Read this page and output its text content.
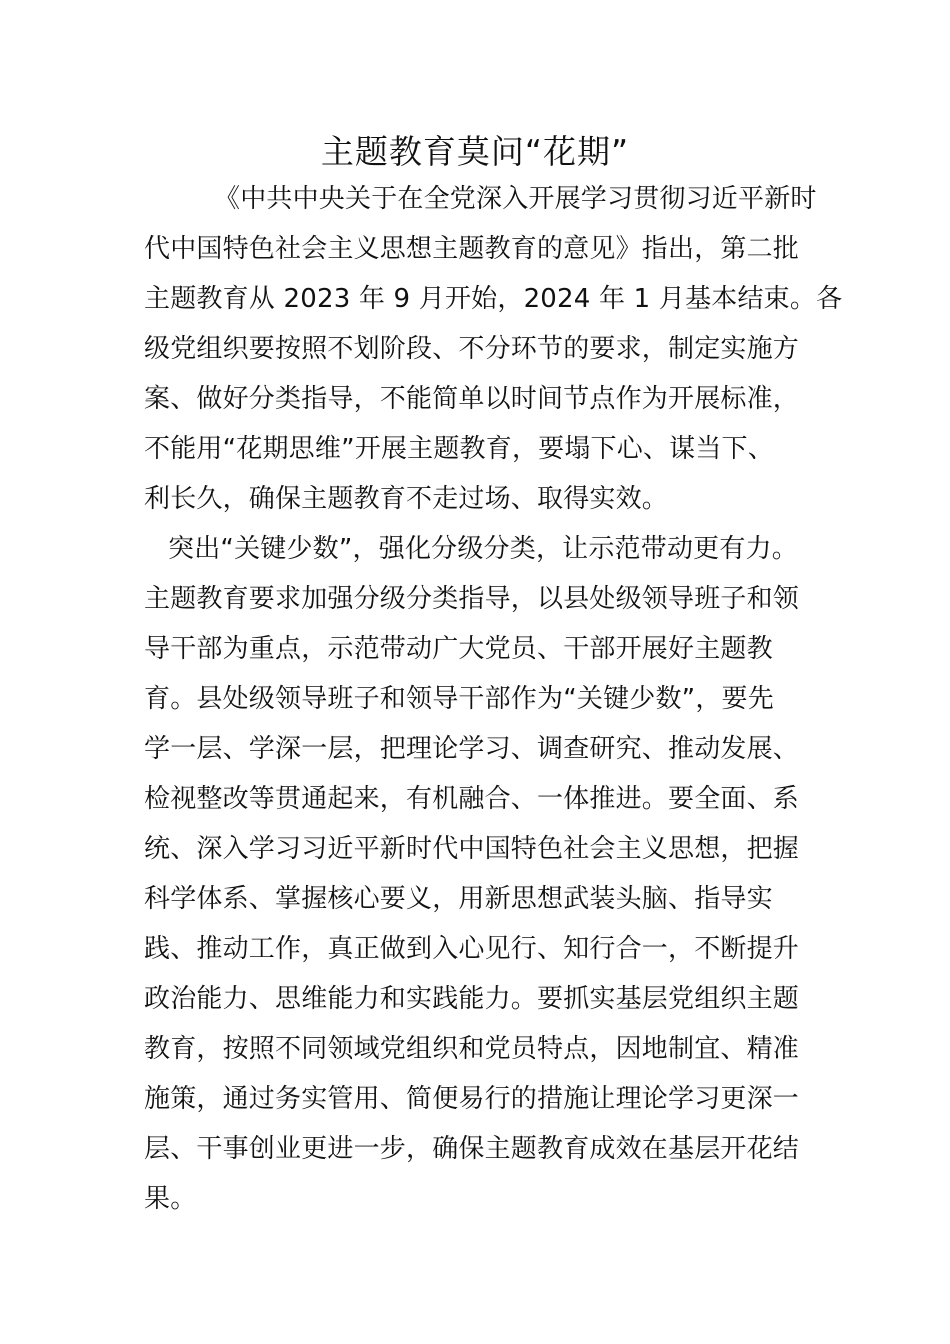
主题教育莫问“花期”
《中共中央关于在全党深入开展学习贯彻习近平新时
代中国特色社会主义思想主题教育的意见》指出，第二批
主题教育从 2023 年 9 月开始，2024 年 1 月基本结束。各
级党组织要按照不划阶段、不分环节的要求，制定实施方
案、做好分类指导，不能简单以时间节点作为开展标准，
不能用“花期思维”开展主题教育，要塌下心、谋当下、
利长久，确保主题教育不走过场、取得实效。
突出“关键少数”，强化分级分类，让示范带动更有力。
主题教育要求加强分级分类指导，以县处级领导班子和领
导干部为重点，示范带动广大党员、干部开展好主题教
育。县处级领导班子和领导干部作为“关键少数”，要先
学一层、学深一层，把理论学习、调查研究、推动发展、
检视整改等贯通起来，有机融合、一体推进。要全面、系
统、深入学习习近平新时代中国特色社会主义思想，把握
科学体系、掌握核心要义，用新思想武装头脑、指导实
践、推动工作，真正做到入心见行、知行合一，不断提升
政治能力、思维能力和实践能力。要抓实基层党组织主题
教育，按照不同领域党组织和党员特点，因地制宜、精准
施策，通过务实管用、简便易行的措施让理论学习更深一
层、干事创业更进一步，确保主题教育成效在基层开花结
果。
